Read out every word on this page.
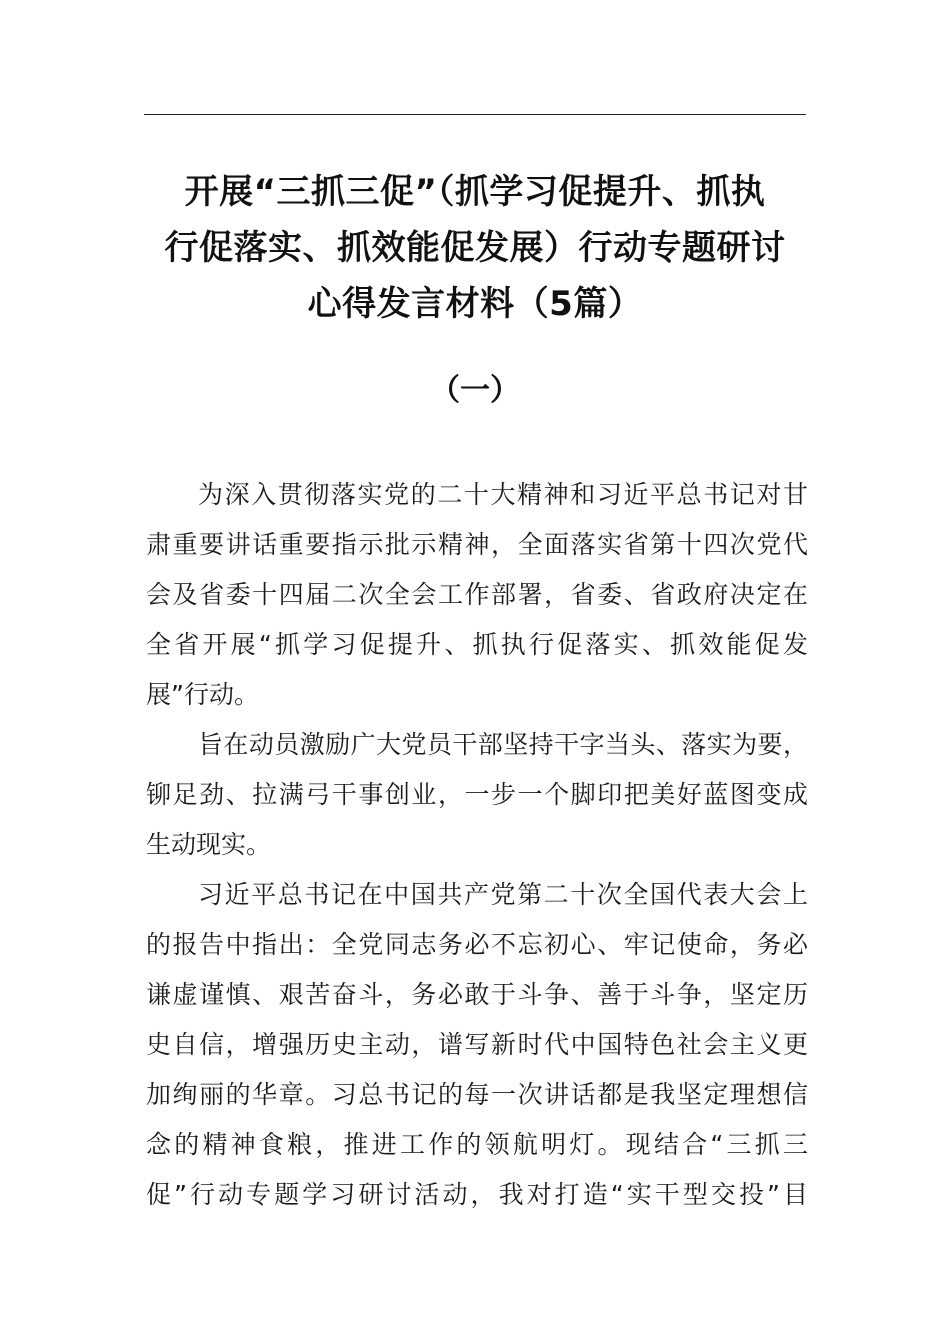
开展“三抓三促”（抓学习促提升、抓执
行促落实、抓效能促发展）行动专题研讨
心得发言材料（5篇）
（一）
为深入贯彻落实党的二十大精神和习近平总书记对甘
肃重要讲话重要指示批示精神，全面落实省第十四次党代
会及省委十四届二次全会工作部署，省委、省政府决定在
全省开展“抓学习促提升、抓执行促落实、抓效能促发
展”行动。
旨在动员激励广大党员干部坚持干字当头、落实为要，
铆足劲、拉满弓干事创业，一步一个脚印把美好蓝图变成
生动现实。
习近平总书记在中国共产党第二十次全国代表大会上
的报告中指出：全党同志务必不忘初心、牢记使命，务必
谦虚谨慎、艰苦奋斗，务必敢于斗争、善于斗争，坚定历
史自信，增强历史主动，谱写新时代中国特色社会主义更
加绚丽的华章。习总书记的每一次讲话都是我坚定理想信
念的精神食粮，推进工作的领航明灯。现结合“三抓三
促”行动专题学习研讨活动，我对打造“实干型交投”目
